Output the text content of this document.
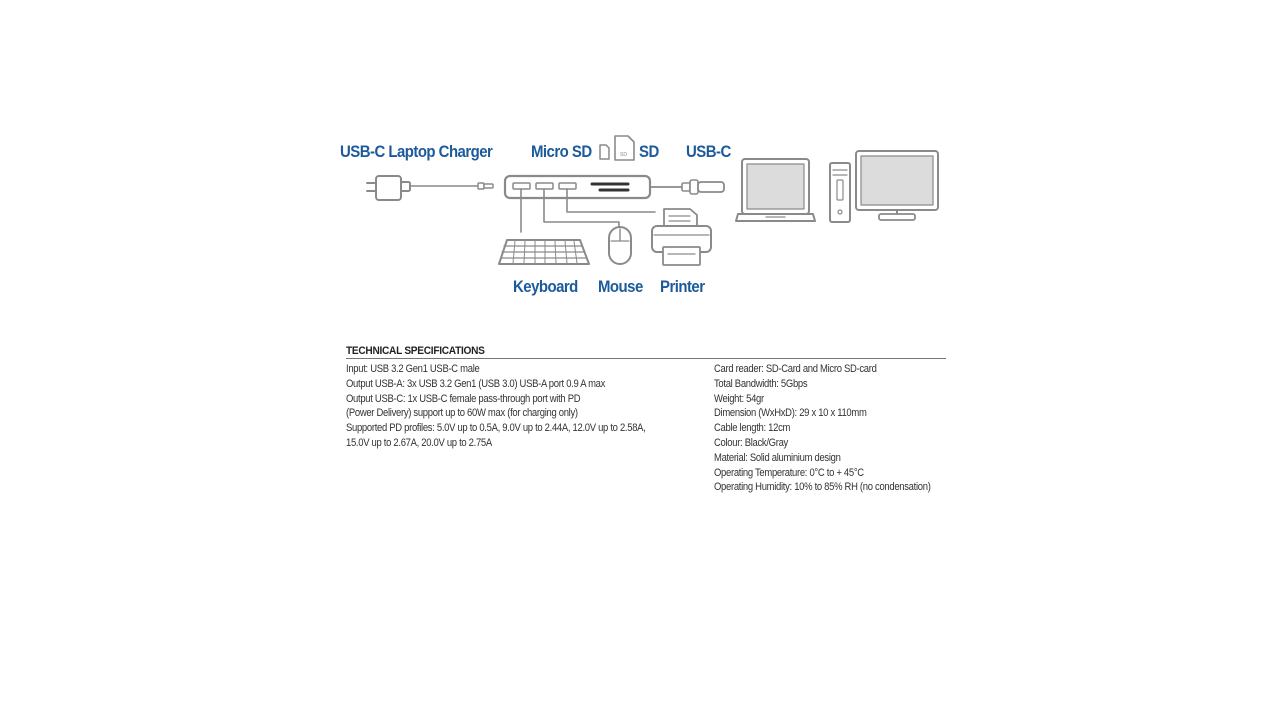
SD
USB-C Laptop Charger Micro SD	SD USB-C
Keyboard Mouse Printer
TECHNICAL SPECIFICATIONS
Input: USB 3.2 Gen1 USB-C male
Output USB-A: 3x USB 3.2 Gen1 (USB 3.0) USB-A port 0.9 A max
Output USB-C: 1x USB-C female pass-through port with PD
(Power Delivery) support up to 60W max (for charging only)
Supported PD profiles: 5.0V up to 0.5A, 9.0V up to 2.44A, 12.0V up to 2.58A,
15.0V up to 2.67A, 20.0V up to 2.75A
Card reader: SD-Card and Micro SD-card
Total Bandwidth: 5Gbps
Weight: 54gr
Dimension (WxHxD): 29 x 10 x 110mm
Cable length: 12cm
Colour: Black/Gray
Material: Solid aluminium design
Operating Temperature: 0°C to + 45°C
Operating Humidity: 10% to 85% RH (no condensation)
